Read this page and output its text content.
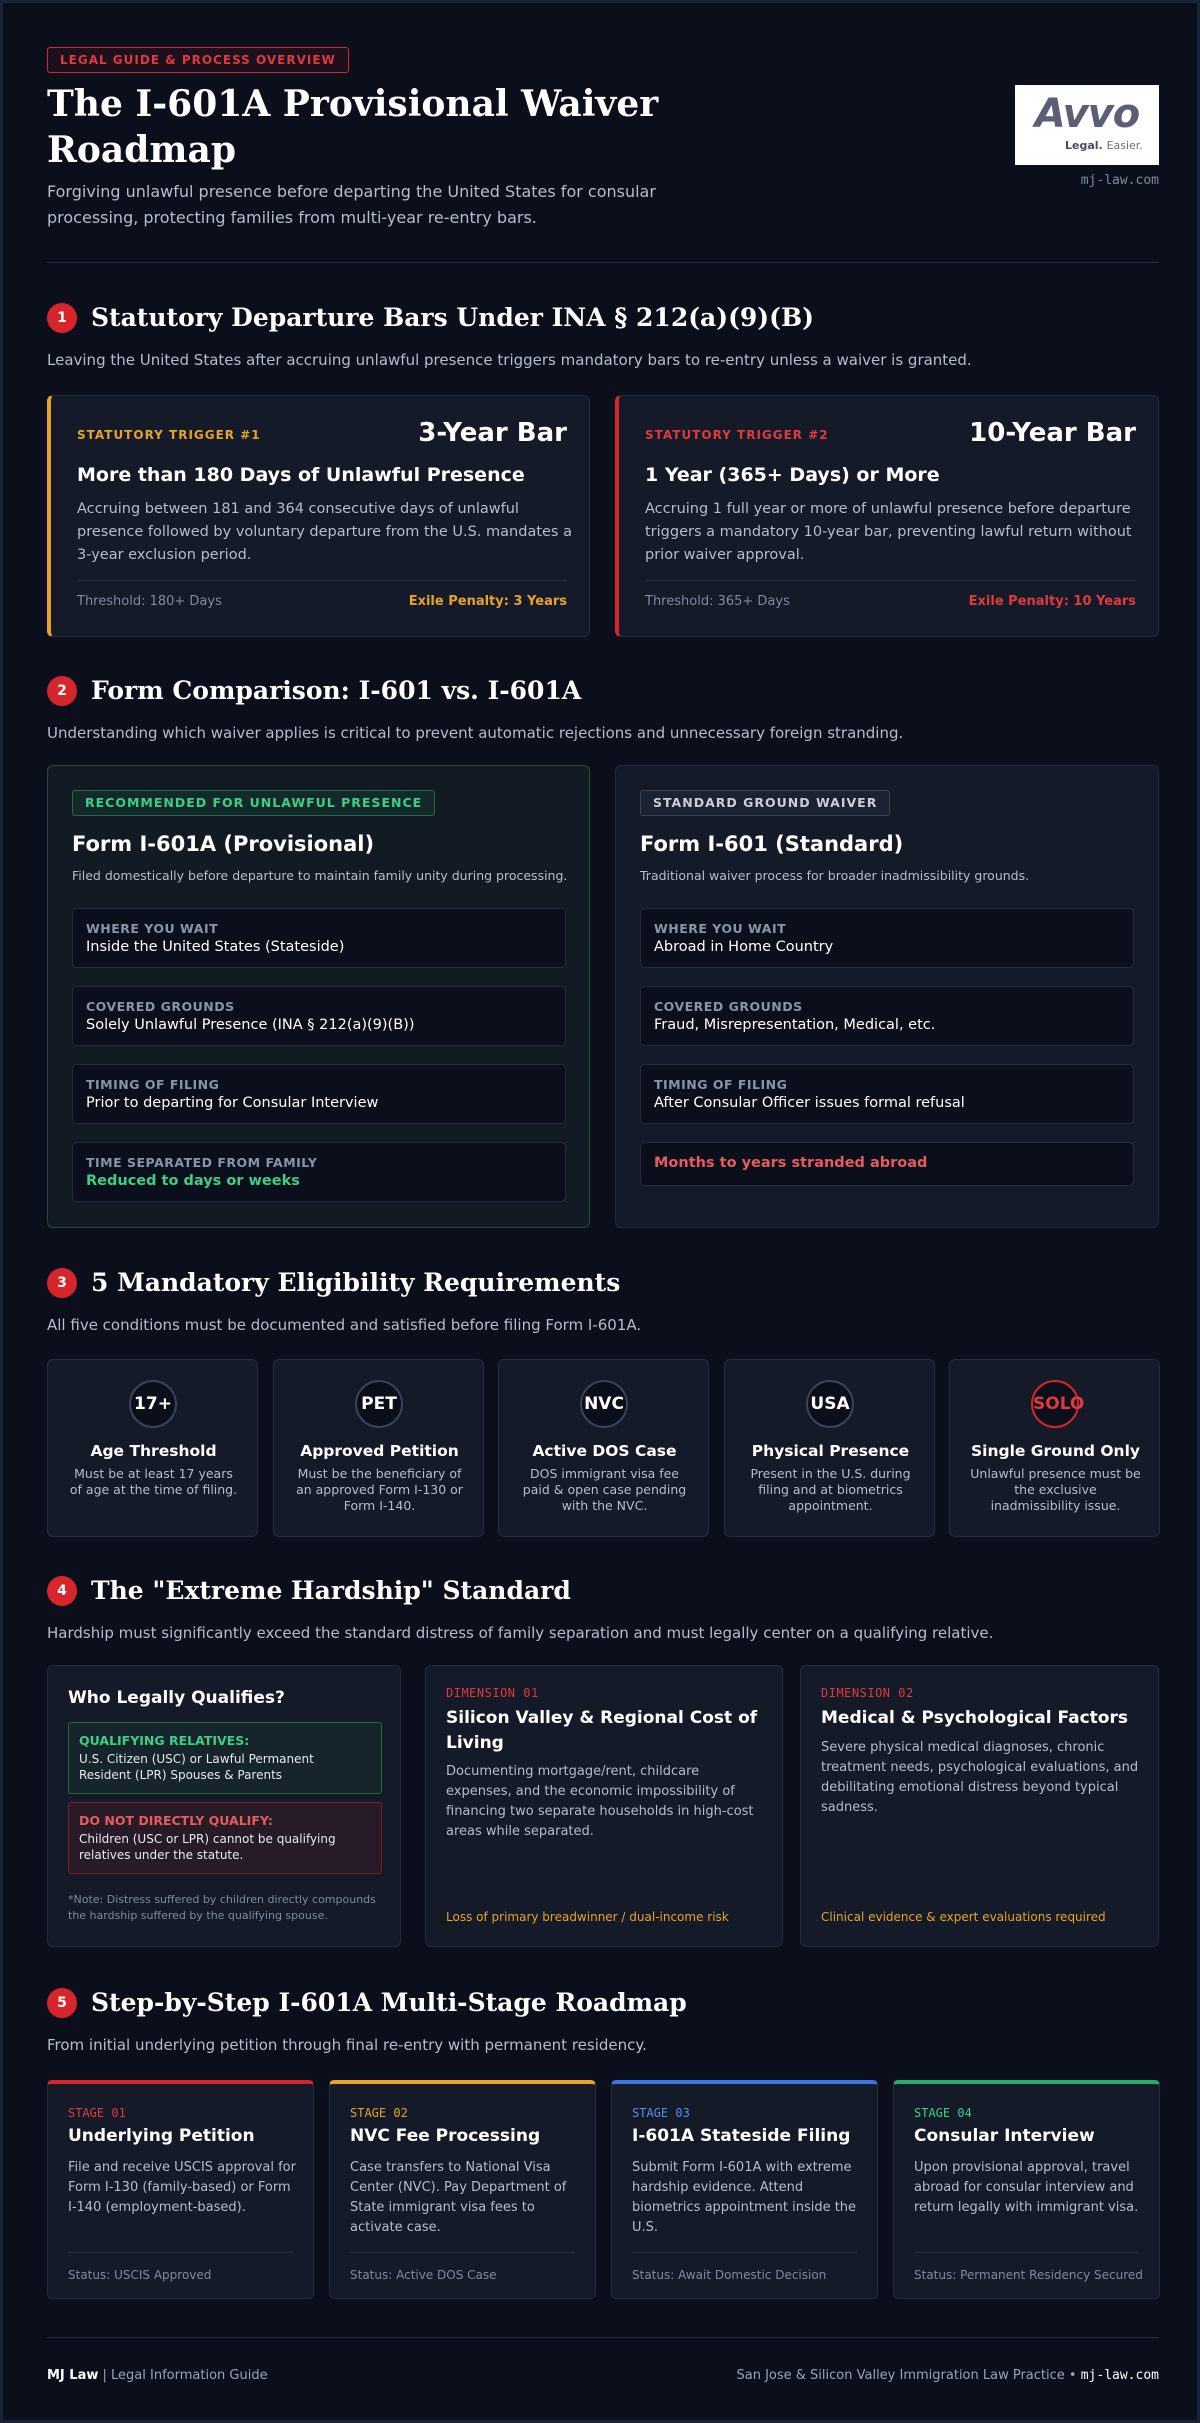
LEGAL GUIDE & PROCESS OVERVIEW
The I-601A Provisional Waiver
Roadmap
Forgiving unlawful presence before departing the United States for consular processing, protecting families from multi-year re-entry bars.
Avvo
Legal. Easier.
mj-law.com
1 Statutory Departure Bars Under INA § 212(a)(9)(B)
Leaving the United States after accruing unlawful presence triggers mandatory bars to re-entry unless a waiver is granted.
STATUTORY TRIGGER #1	3-Year Bar
More than 180 Days of Unlawful Presence
Accruing between 181 and 364 consecutive days of unlawful presence followed by voluntary departure from the U.S. mandates a 3-year exclusion period.
Threshold: 180+ Days	Exile Penalty: 3 Years
STATUTORY TRIGGER #2	10-Year Bar
1 Year (365+ Days) or More
Accruing 1 full year or more of unlawful presence before departure triggers a mandatory 10-year bar, preventing lawful return without prior waiver approval.
Threshold: 365+ Days	Exile Penalty: 10 Years
2 Form Comparison: I-601 vs. I-601A
Understanding which waiver applies is critical to prevent automatic rejections and unnecessary foreign stranding.
RECOMMENDED FOR UNLAWFUL PRESENCE
Form I-601A (Provisional)
Filed domestically before departure to maintain family unity during processing.
WHERE YOU WAIT
Inside the United States (Stateside)
COVERED GROUNDS
Solely Unlawful Presence (INA § 212(a)(9)(B))
TIMING OF FILING
Prior to departing for Consular Interview
TIME SEPARATED FROM FAMILY
Reduced to days or weeks
STANDARD GROUND WAIVER
Form I-601 (Standard)
Traditional waiver process for broader inadmissibility grounds.
WHERE YOU WAIT
Abroad in Home Country
COVERED GROUNDS
Fraud, Misrepresentation, Medical, etc.
TIMING OF FILING
After Consular Officer issues formal refusal
Months to years stranded abroad
3 5 Mandatory Eligibility Requirements
All five conditions must be documented and satisfied before filing Form I-601A.
17+
Age Threshold
Must be at least 17 years
of age at the time of filing.
PET
Approved Petition
Must be the beneficiary of
an approved Form I-130 or
Form I-140.
NVC
Active DOS Case
DOS immigrant visa fee
paid & open case pending
with the NVC.
USA
Physical Presence
Present in the U.S. during
filing and at biometrics
appointment.
SOLO
Single Ground Only
Unlawful presence must be
the exclusive
inadmissibility issue.
4 The "Extreme Hardship" Standard
Hardship must significantly exceed the standard distress of family separation and must legally center on a qualifying relative.
Who Legally Qualifies?
QUALIFYING RELATIVES:
U.S. Citizen (USC) or Lawful Permanent
Resident (LPR) Spouses & Parents
DO NOT DIRECTLY QUALIFY:
Children (USC or LPR) cannot be qualifying
relatives under the statute.
*Note: Distress suffered by children directly compounds
the hardship suffered by the qualifying spouse.
DIMENSION 01
Silicon Valley & Regional Cost of Living
Documenting mortgage/rent, childcare expenses, and the economic impossibility of financing two separate households in high-cost areas while separated.
Loss of primary breadwinner / dual-income risk
DIMENSION 02
Medical & Psychological Factors
Severe physical medical diagnoses, chronic treatment needs, psychological evaluations, and debilitating emotional distress beyond typical sadness.
Clinical evidence & expert evaluations required
5 Step-by-Step I-601A Multi-Stage Roadmap
From initial underlying petition through final re-entry with permanent residency.
STAGE 01
Underlying Petition
File and receive USCIS approval for Form I-130 (family-based) or Form I-140 (employment-based).
Status: USCIS Approved
STAGE 02
NVC Fee Processing
Case transfers to National Visa Center (NVC). Pay Department of State immigrant visa fees to activate case.
Status: Active DOS Case
STAGE 03
I-601A Stateside Filing
Submit Form I-601A with extreme hardship evidence. Attend biometrics appointment inside the U.S.
Status: Await Domestic Decision
STAGE 04
Consular Interview
Upon provisional approval, travel abroad for consular interview and return legally with immigrant visa.
Status: Permanent Residency Secured
MJ Law | Legal Information Guide	San Jose & Silicon Valley Immigration Law Practice • mj-law.com
